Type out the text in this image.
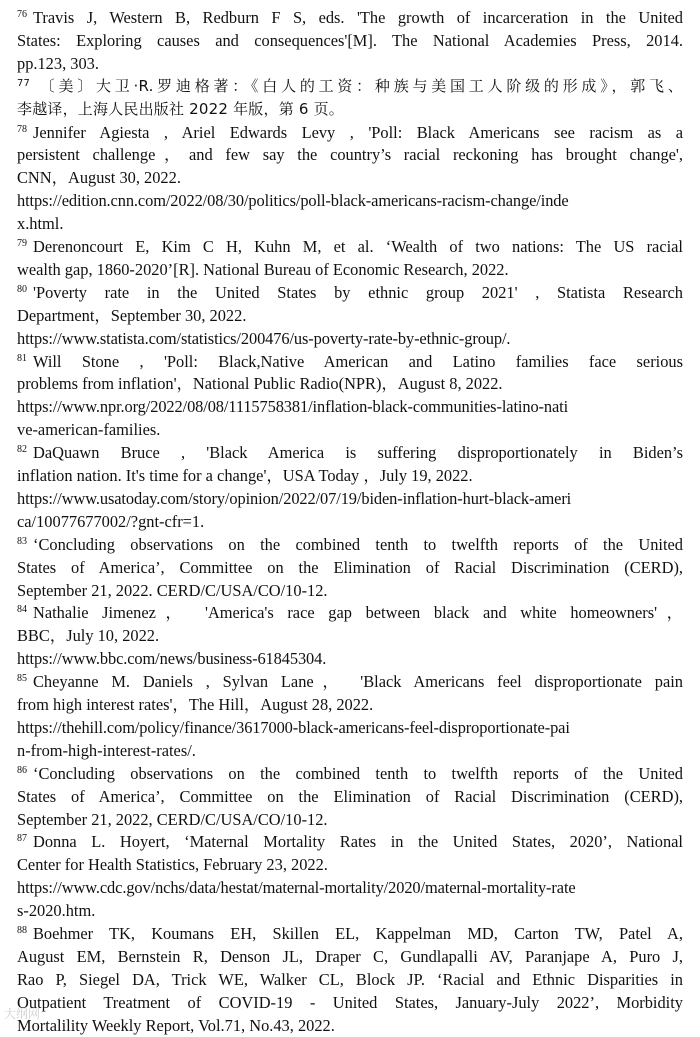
$^{76}$ Travis J, Western B, Redburn F S, eds. 'The growth of incarceration in the United
States: Exploring causes and consequences'[M]. The National Academies Press, 2014.
pp.123, 303.
$^{77}$ 〔美〕大卫·R.罗迪格著：《白人的工资：种族与美国工人阶级的形成》，郭飞、
李越译，上海人民出版社 2022 年版，第 6 页。
$^{78}$ Jennifer Agiesta , Ariel Edwards Levy , 'Poll: Black Americans see racism as a
persistent challenge，and few say the country’s racial reckoning has brought change',
CNN，August 30, 2022.
https://edition.cnn.com/2022/08/30/politics/poll-black-americans-racism-change/inde
x.html.
$^{79}$ Derenoncourt E, Kim C H, Kuhn M, et al. ‘Wealth of two nations: The US racial
wealth gap, 1860-2020’[R]. National Bureau of Economic Research, 2022.
$^{80}$ 'Poverty rate in the United States by ethnic group 2021' , Statista Research
Department，September 30, 2022.
https://www.statista.com/statistics/200476/us-poverty-rate-by-ethnic-group/.
$^{81}$ Will Stone , 'Poll: Black,Native American and Latino families face serious
problems from inflation'，National Public Radio(NPR)，August 8, 2022.
https://www.npr.org/2022/08/08/1115758381/inflation-black-communities-latino-nati
ve-american-families.
$^{82}$ DaQuawn Bruce , 'Black America is suffering disproportionately in Biden’s
inflation nation. It's time for a change'，USA Today ，July 19, 2022.
https://www.usatoday.com/story/opinion/2022/07/19/biden-inflation-hurt-black-ameri
ca/10077677002/?gnt-cfr=1.
$^{83}$ ‘Concluding observations on the combined tenth to twelfth reports of the United
States of America’, Committee on the Elimination of Racial Discrimination (CERD),
September 21, 2022. CERD/C/USA/CO/10-12.
$^{84}$ Nathalie Jimenez， 'America's race gap between black and white homeowners'，
BBC，July 10, 2022.
https://www.bbc.com/news/business-61845304.
$^{85}$ Cheyanne M. Daniels , Sylvan Lane， 'Black Americans feel disproportionate pain
from high interest rates'，The Hill，August 28, 2022.
https://thehill.com/policy/finance/3617000-black-americans-feel-disproportionate-pai
n-from-high-interest-rates/.
$^{86}$ ‘Concluding observations on the combined tenth to twelfth reports of the United
States of America’, Committee on the Elimination of Racial Discrimination (CERD),
September 21, 2022, CERD/C/USA/CO/10-12.
$^{87}$ Donna L. Hoyert, ‘Maternal Mortality Rates in the United States, 2020’, National
Center for Health Statistics, February 23, 2022.
https://www.cdc.gov/nchs/data/hestat/maternal-mortality/2020/maternal-mortality-rate
s-2020.htm.
$^{88}$ Boehmer TK, Koumans EH, Skillen EL, Kappelman MD, Carton TW, Patel A,
August EM, Bernstein R, Denson JL, Draper C, Gundlapalli AV, Paranjape A, Puro J,
Rao P, Siegel DA, Trick WE, Walker CL, Block JP. ‘Racial and Ethnic Disparities in
Outpatient Treatment of COVID-19 - United States, January-July 2022’, Morbidity
Mortalility Weekly Report, Vol.71, No.43, 2022.
大纲网
